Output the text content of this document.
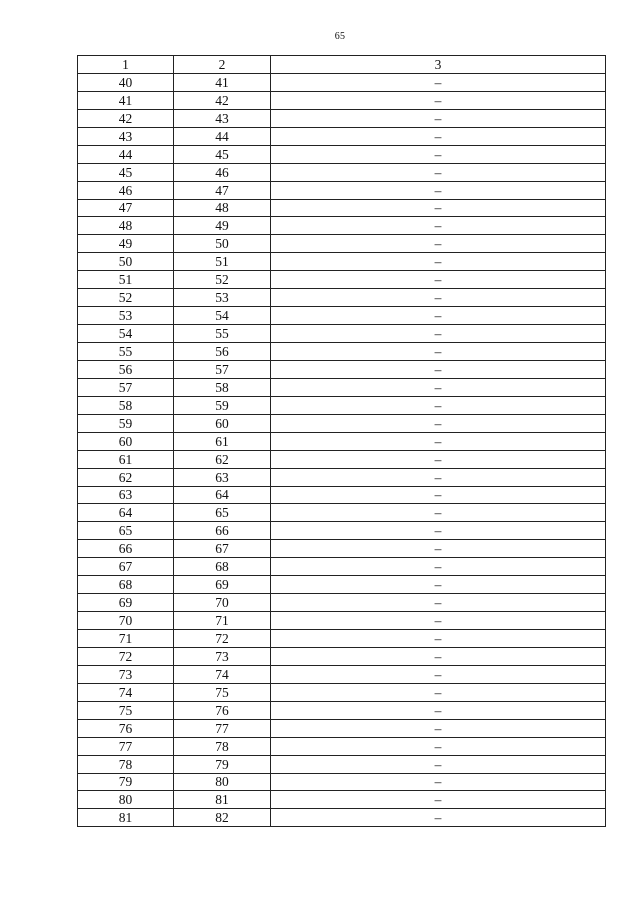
65
1	2	3
40	41	–
41	42	–
42	43	–
43	44	–
44	45	–
45	46	–
46	47	–
47	48	–
48	49	–
49	50	–
50	51	–
51	52	–
52	53	–
53	54	–
54	55	–
55	56	–
56	57	–
57	58	–
58	59	–
59	60	–
60	61	–
61	62	–
62	63	–
63	64	–
64	65	–
65	66	–
66	67	–
67	68	–
68	69	–
69	70	–
70	71	–
71	72	–
72	73	–
73	74	–
74	75	–
75	76	–
76	77	–
77	78	–
78	79	–
79	80	–
80	81	–
81	82	–
